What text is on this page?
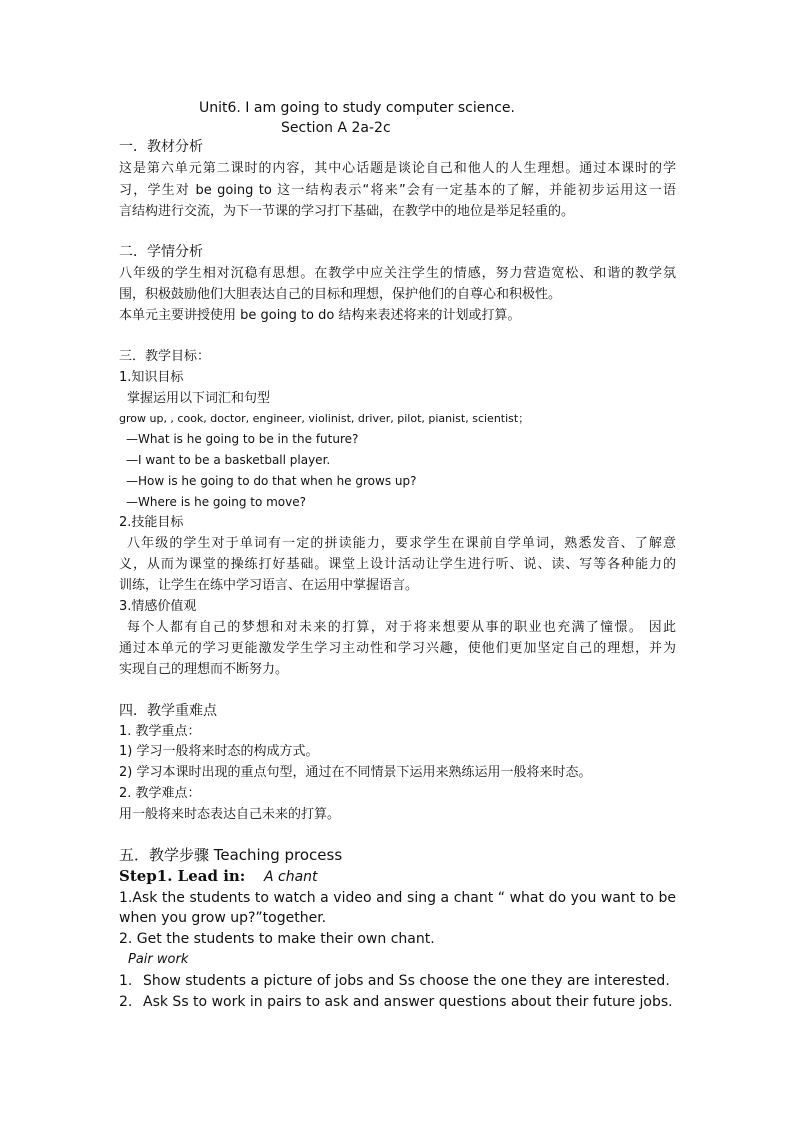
Unit6. I am going to study computer science.
Section A 2a-2c
一．教材分析
这是第六单元第二课时的内容，其中心话题是谈论自己和他人的人生理想。通过本课时的学
习，学生对 be going to 这一结构表示“将来”会有一定基本的了解，并能初步运用这一语
言结构进行交流，为下一节课的学习打下基础，在教学中的地位是举足轻重的。
二．学情分析
八年级的学生相对沉稳有思想。在教学中应关注学生的情感，努力营造宽松、和谐的教学氛
围，积极鼓励他们大胆表达自己的目标和理想，保护他们的自尊心和积极性。
本单元主要讲授使用 be going to do 结构来表述将来的计划或打算。
三．教学目标：
1.知识目标
掌握运用以下词汇和句型
grow up, , cook, doctor, engineer, violinist, driver, pilot, pianist, scientist；
—What is he going to be in the future?
—I want to be a basketball player.
—How is he going to do that when he grows up?
—Where is he going to move?
2.技能目标
八年级的学生对于单词有一定的拼读能力，要求学生在课前自学单词，熟悉发音、了解意
义，从而为课堂的操练打好基础。课堂上设计活动让学生进行听、说、读、写等各种能力的
训练，让学生在练中学习语言、在运用中掌握语言。
3.情感价值观
每个人都有自己的梦想和对未来的打算，对于将来想要从事的职业也充满了憧憬。 因此
通过本单元的学习更能激发学生学习主动性和学习兴趣，使他们更加坚定自己的理想，并为
实现自己的理想而不断努力。
四．教学重难点
1. 教学重点：
1) 学习一般将来时态的构成方式。
2) 学习本课时出现的重点句型，通过在不同情景下运用来熟练运用一般将来时态。
2. 教学难点：
用一般将来时态表达自己未来的打算。
五．教学步骤 Teaching process
Step1. Lead in: A chant
1.Ask the students to watch a video and sing a chant “ what do you want to be
when you grow up?”together.
2. Get the students to make their own chant.
Pair work
1. Show students a picture of jobs and Ss choose the one they are interested.
2. Ask Ss to work in pairs to ask and answer questions about their future jobs.
